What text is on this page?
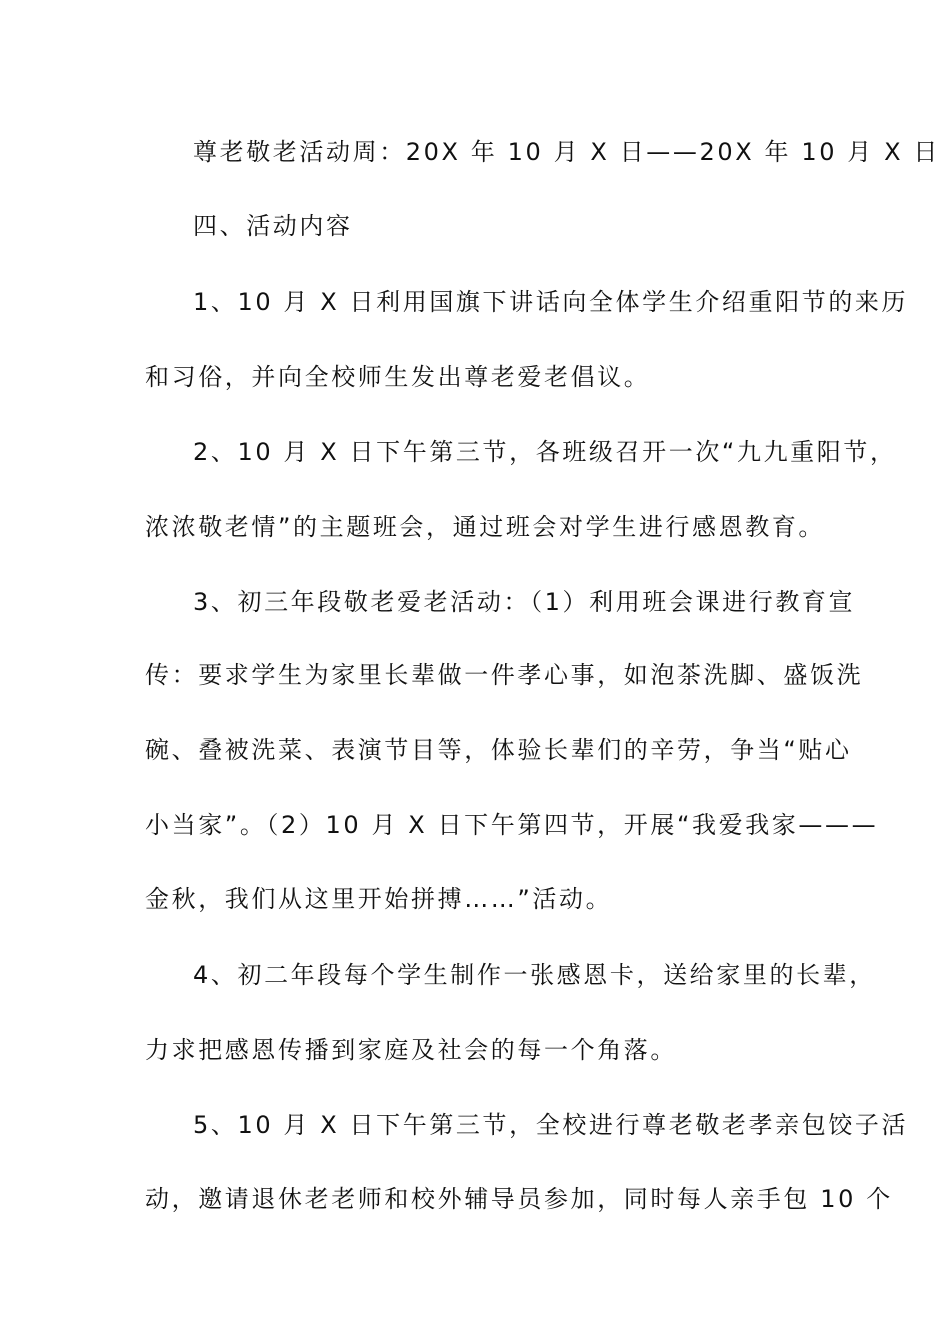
尊老敬老活动周：20X 年 10 月 X 日——20X 年 10 月 X 日
四、活动内容
1、10 月 X 日利用国旗下讲话向全体学生介绍重阳节的来历
和习俗，并向全校师生发出尊老爱老倡议。
2、10 月 X 日下午第三节，各班级召开一次“九九重阳节，
浓浓敬老情”的主题班会，通过班会对学生进行感恩教育。
3、初三年段敬老爱老活动：（1）利用班会课进行教育宣
传：要求学生为家里长辈做一件孝心事，如泡茶洗脚、盛饭洗
碗、叠被洗菜、表演节目等，体验长辈们的辛劳，争当“贴心
小当家”。（2）10 月 X 日下午第四节，开展“我爱我家———
金秋，我们从这里开始拼搏……”活动。
4、初二年段每个学生制作一张感恩卡，送给家里的长辈，
力求把感恩传播到家庭及社会的每一个角落。
5、10 月 X 日下午第三节，全校进行尊老敬老孝亲包饺子活
动，邀请退休老老师和校外辅导员参加，同时每人亲手包 10 个
